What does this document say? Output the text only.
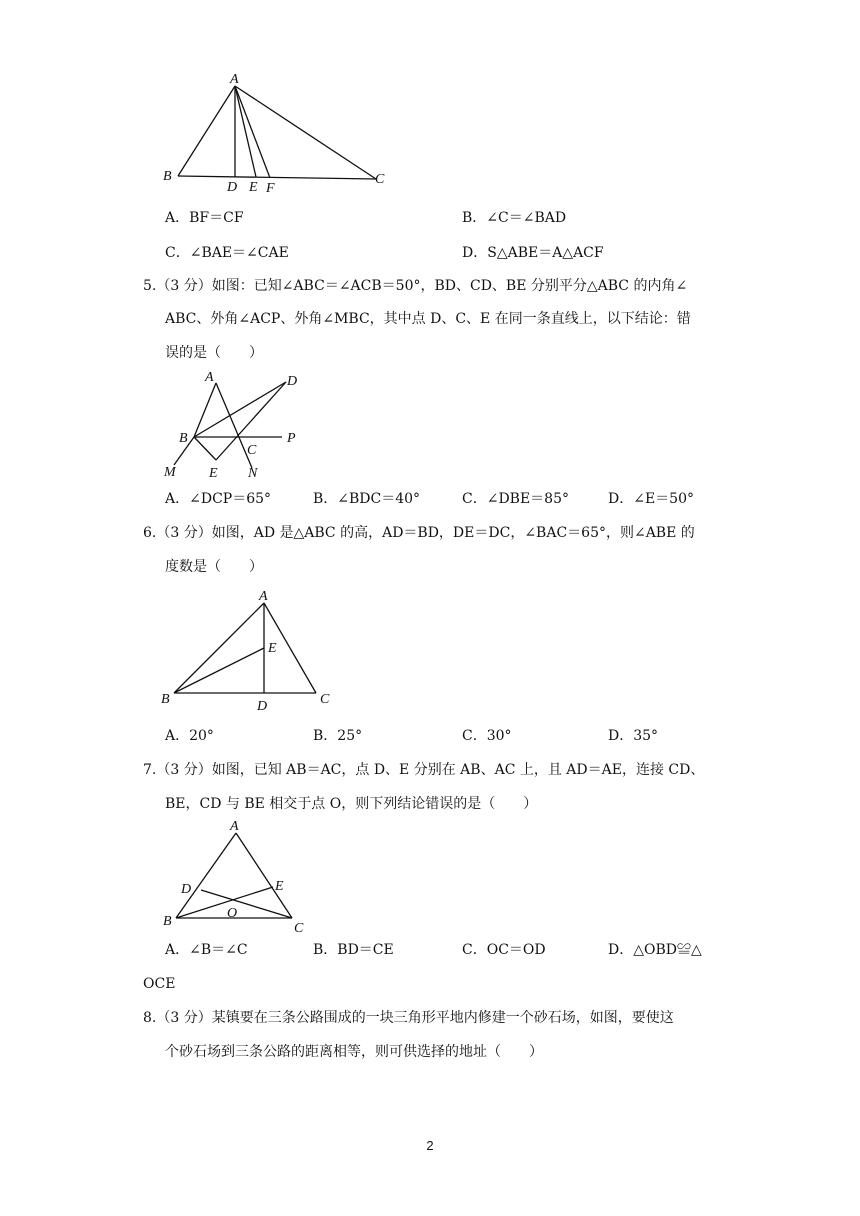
A
B
D E F
C
A．BF＝CF	B．∠C＝∠BAD
C．∠BAE＝∠CAE	D．S△ABE＝A△ACF
5.（3 分）如图：已知∠ABC＝∠ACB＝50°，BD、CD、BE 分别平分△ABC 的内角∠
ABC、外角∠ACP、外角∠MBC，其中点 D、C、E 在同一条直线上，以下结论：错
误的是（　　）
A	D
B
C
P
M E N
A．∠DCP＝65°	B．∠BDC＝40°	C．∠DBE＝85°	D．∠E＝50°
6.（3 分）如图，AD 是△ABC 的高，AD＝BD，DE＝DC，∠BAC＝65°，则∠ABE 的
度数是（　　）
A
E
B	D	C
A．20°	B．25°	C．30°	D．35°
7.（3 分）如图，已知 AB＝AC，点 D、E 分别在 AB、AC 上，且 AD＝AE，连接 CD、
BE，CD 与 BE 相交于点 O，则下列结论错误的是（　　）
A
D	E
O
B	C
A．∠B＝∠C	B．BD＝CE	C．OC＝OD	D．△OBD≌△
OCE
8.（3 分）某镇要在三条公路围成的一块三角形平地内修建一个砂石场，如图，要使这
个砂石场到三条公路的距离相等，则可供选择的地址（　　）
2
